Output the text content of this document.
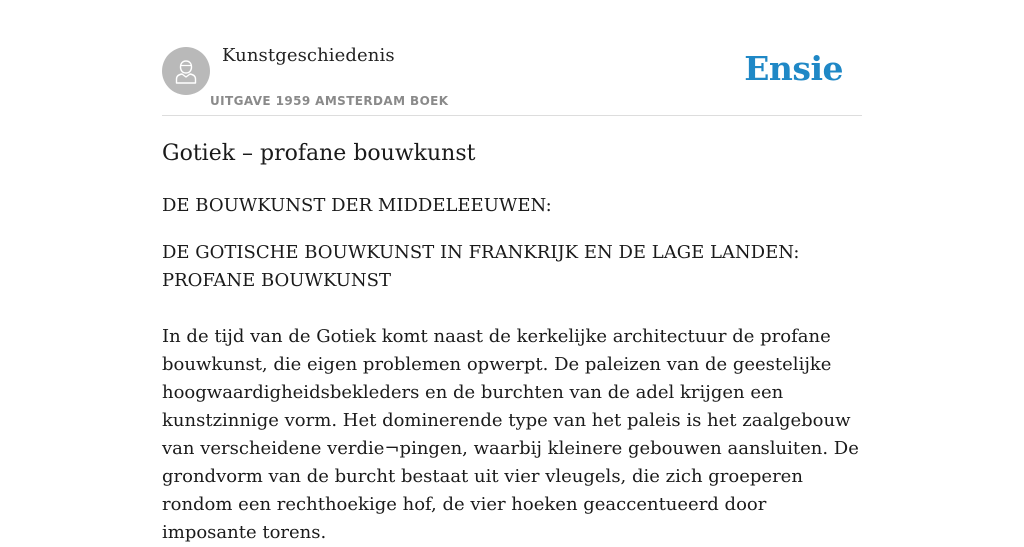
Kunstgeschiedenis
UITGAVE 1959 AMSTERDAM BOEK
Ensie
Gotiek – profane bouwkunst

DE BOUWKUNST DER MIDDELEEUWEN:

DE GOTISCHE BOUWKUNST IN FRANKRIJK EN DE LAGE LANDEN: PROFANE BOUWKUNST

In de tijd van de Gotiek komt naast de kerkelijke architectuur de profane bouwkunst, die eigen problemen opwerpt. De paleizen van de geestelijke hoogwaardigheidsbekleders en de burchten van de adel krijgen een kunstzinnige vorm. Het dominerende type van het paleis is het zaalgebouw van verscheidene verdie¬pingen, waarbij kleinere gebouwen aansluiten. De grondvorm van de burcht bestaat uit vier vleugels, die zich groeperen rondom een rechthoekige hof, de vier hoeken geaccentueerd door imposante torens.
